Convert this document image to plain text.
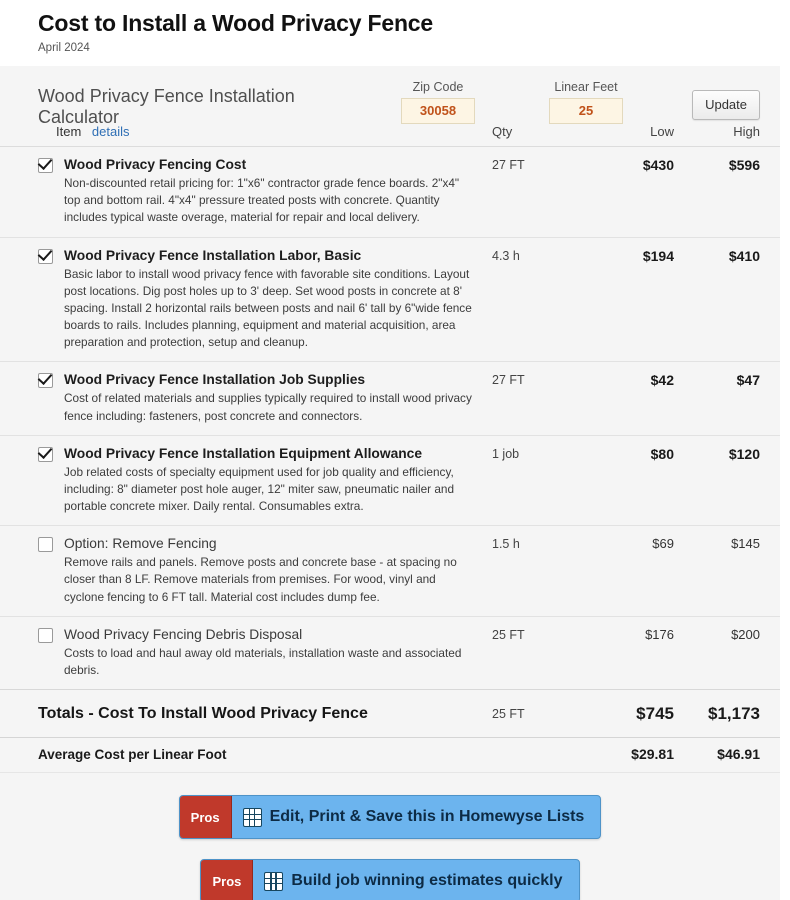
Cost to Install a Wood Privacy Fence
April 2024
Wood Privacy Fence Installation Calculator
Zip Code
30058
Linear Feet
25	Update
Item details	Qty	Low	High
Wood Privacy Fencing Cost
Non-discounted retail pricing for: 1"x6" contractor grade fence boards. 2"x4" top and bottom rail. 4"x4" pressure treated posts with concrete. Quantity includes typical waste overage, material for repair and local delivery.
27 FT	$430	$596
Wood Privacy Fence Installation Labor, Basic
Basic labor to install wood privacy fence with favorable site conditions. Layout post locations. Dig post holes up to 3' deep. Set wood posts in concrete at 8' spacing. Install 2 horizontal rails between posts and nail 6' tall by 6"wide fence boards to rails. Includes planning, equipment and material acquisition, area preparation and protection, setup and cleanup.
4.3 h	$194	$410
Wood Privacy Fence Installation Job Supplies
Cost of related materials and supplies typically required to install wood privacy fence including: fasteners, post concrete and connectors.
27 FT	$42	$47
Wood Privacy Fence Installation Equipment Allowance
Job related costs of specialty equipment used for job quality and efficiency, including: 8" diameter post hole auger, 12" miter saw, pneumatic nailer and portable concrete mixer. Daily rental. Consumables extra.
1 job	$80	$120
Option: Remove Fencing
Remove rails and panels. Remove posts and concrete base - at spacing no closer than 8 LF. Remove materials from premises. For wood, vinyl and cyclone fencing to 6 FT tall. Material cost includes dump fee.
1.5 h	$69	$145
Wood Privacy Fencing Debris Disposal
Costs to load and haul away old materials, installation waste and associated debris.
25 FT	$176	$200
Totals - Cost To Install Wood Privacy Fence	25 FT	$745	$1,173
Average Cost per Linear Foot	$29.81	$46.91
Pros	Edit, Print & Save this in Homewyse Lists
Pros	Build job winning estimates quickly
